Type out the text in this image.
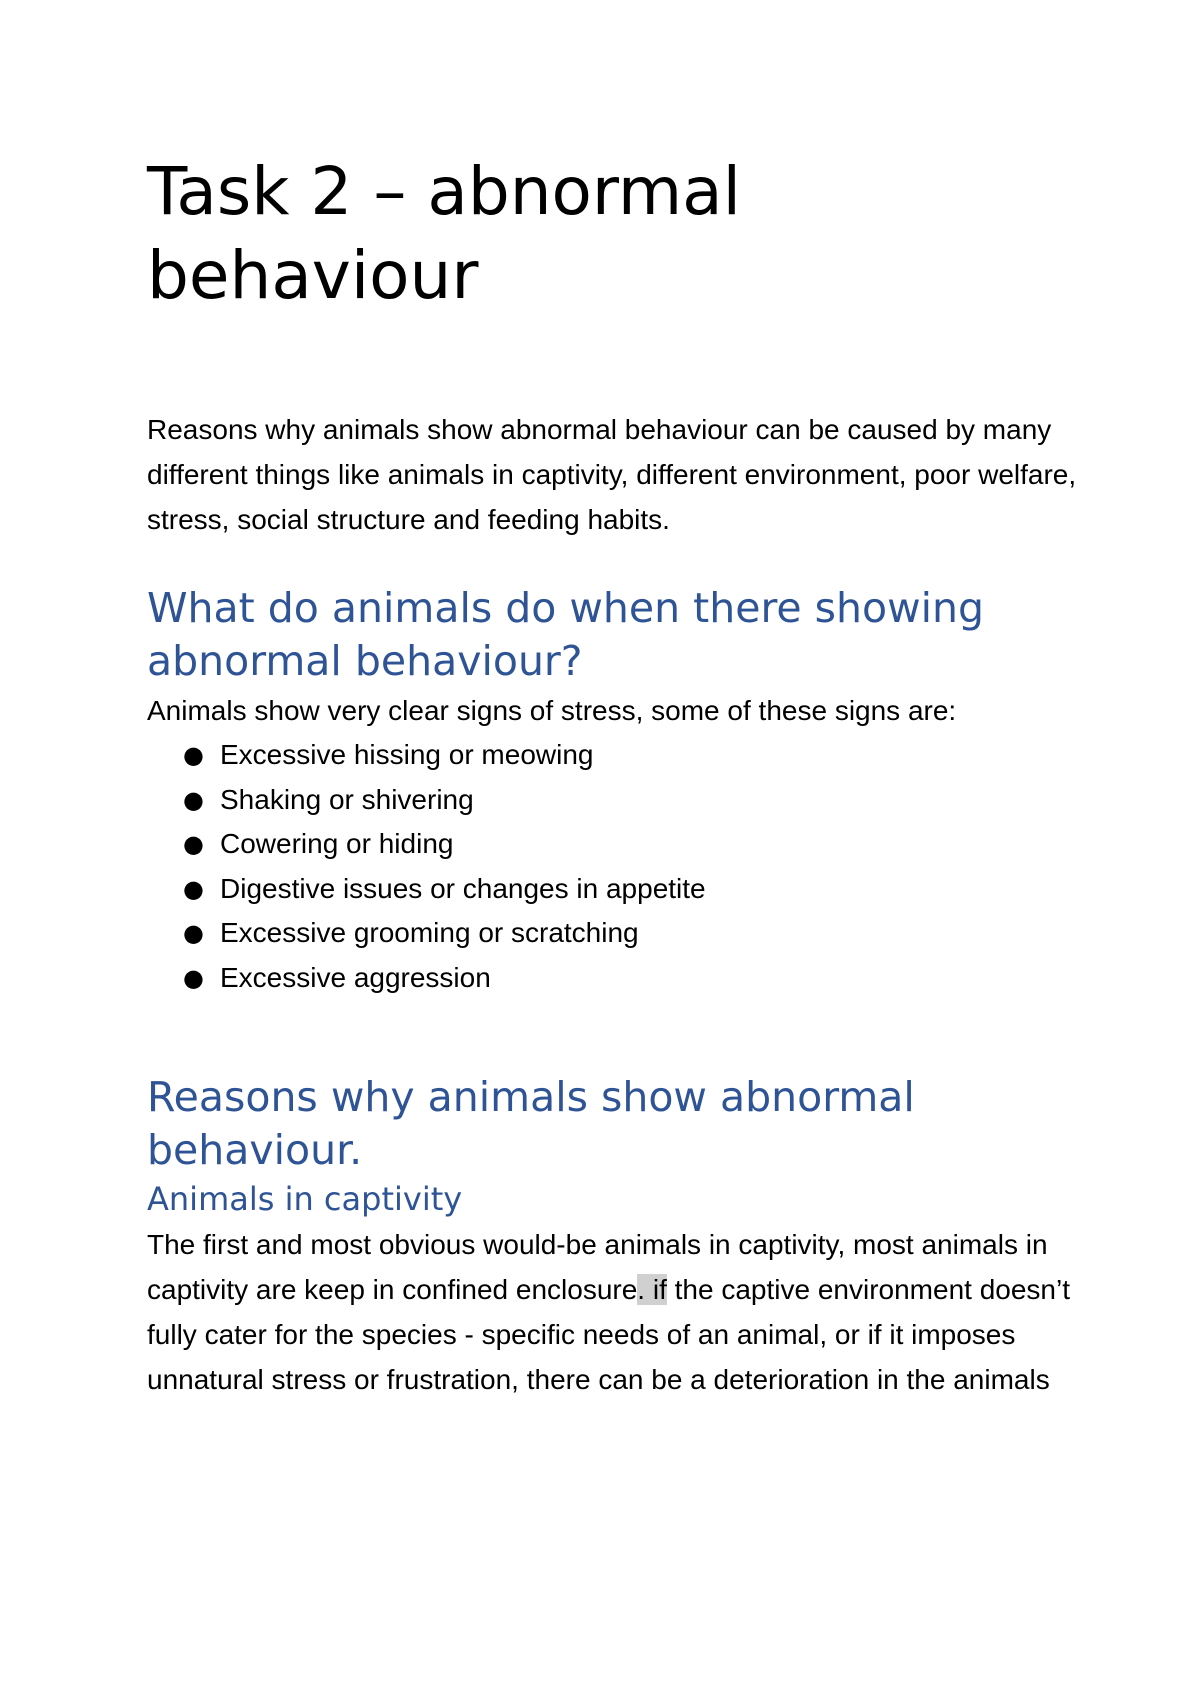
Task 2 – abnormal
behaviour

Reasons why animals show abnormal behaviour can be caused by many different things like animals in captivity, different environment, poor welfare, stress, social structure and feeding habits.

What do animals do when there showing abnormal behaviour?

Animals show very clear signs of stress, some of these signs are:

● Excessive hissing or meowing
● Shaking or shivering
● Cowering or hiding
● Digestive issues or changes in appetite
● Excessive grooming or scratching
● Excessive aggression
Reasons why animals show abnormal behaviour.
Animals in captivity

The first and most obvious would-be animals in captivity, most animals in captivity are keep in confined enclosure. if the captive environment doesn’t fully cater for the species - specific needs of an animal, or if it imposes unnatural stress or frustration, there can be a deterioration in the animals
